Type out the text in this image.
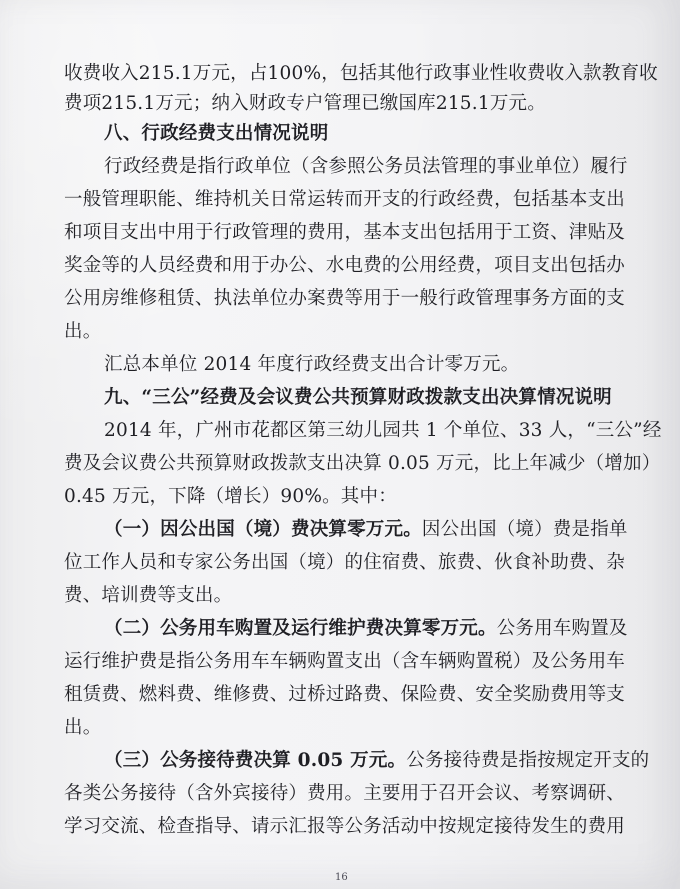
收费收入215.1万元，占100%，包括其他行政事业性收费收入款教育收
费项215.1万元；纳入财政专户管理已缴国库215.1万元。
八、行政经费支出情况说明
行政经费是指行政单位（含参照公务员法管理的事业单位）履行
一般管理职能、维持机关日常运转而开支的行政经费，包括基本支出
和项目支出中用于行政管理的费用，基本支出包括用于工资、津贴及
奖金等的人员经费和用于办公、水电费的公用经费，项目支出包括办
公用房维修租赁、执法单位办案费等用于一般行政管理事务方面的支
出。
汇总本单位 2014 年度行政经费支出合计零万元。
九、“三公”经费及会议费公共预算财政拨款支出决算情况说明
2014 年，广州市花都区第三幼儿园共 1 个单位、33 人，“三公”经
费及会议费公共预算财政拨款支出决算 0.05 万元，比上年减少（增加）
0.45 万元，下降（增长）90%。其中：
（一）因公出国（境）费决算零万元。因公出国（境）费是指单
位工作人员和专家公务出国（境）的住宿费、旅费、伙食补助费、杂
费、培训费等支出。
（二）公务用车购置及运行维护费决算零万元。公务用车购置及
运行维护费是指公务用车车辆购置支出（含车辆购置税）及公务用车
租赁费、燃料费、维修费、过桥过路费、保险费、安全奖励费用等支
出。
（三）公务接待费决算 0.05 万元。公务接待费是指按规定开支的
各类公务接待（含外宾接待）费用。主要用于召开会议、考察调研、
学习交流、检查指导、请示汇报等公务活动中按规定接待发生的费用
16
